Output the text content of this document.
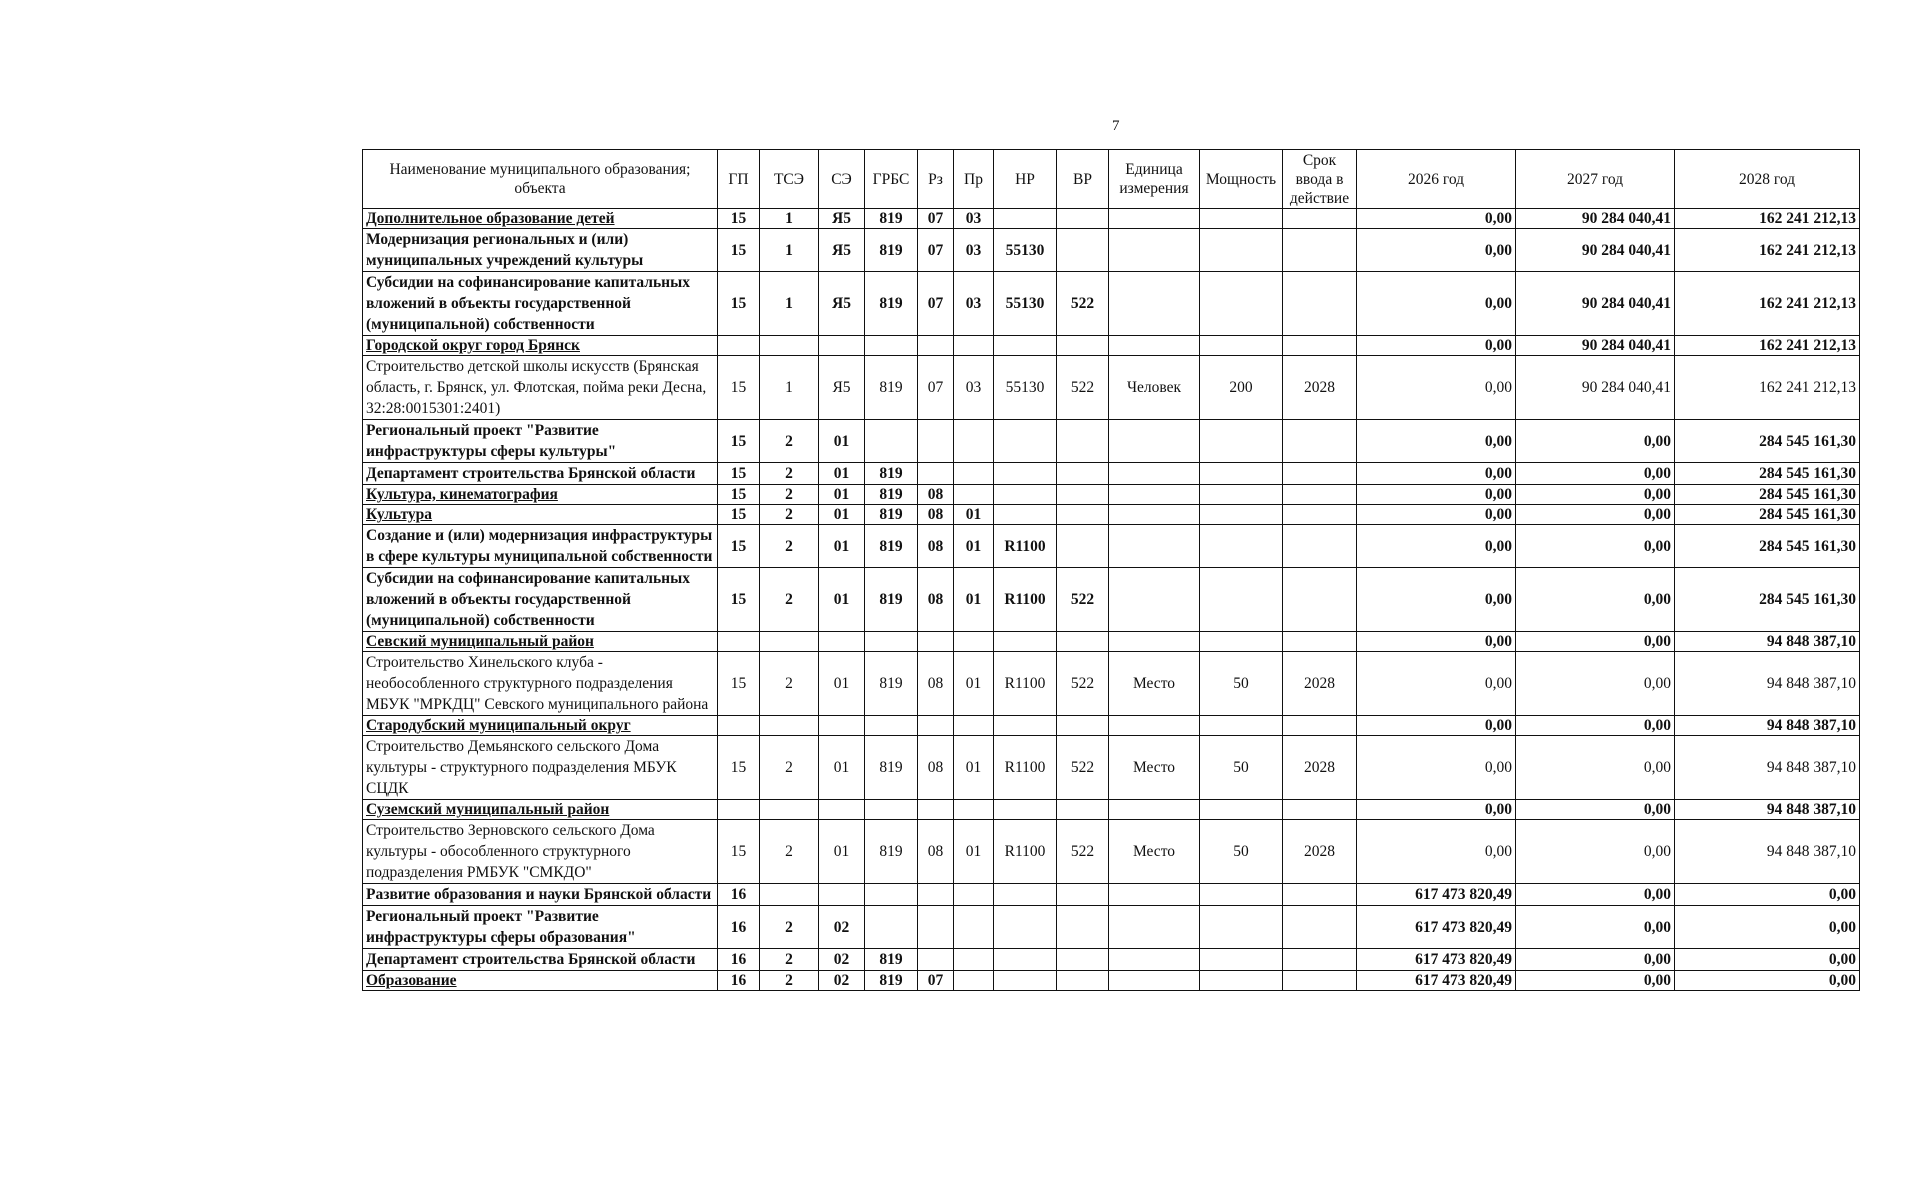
7
Наименование муниципального образования; объекта	ГП	ТСЭ	СЭ	ГРБС	Рз	Пр	НР	ВР	Единица измерения	Мощность	Срок ввода в действие	2026 год	2027 год	2028 год
Дополнительное образование детей	15	1	Я5	819	07	03						0,00	90 284 040,41	162 241 212,13
Модернизация региональных и (или) муниципальных учреждений культуры	15	1	Я5	819	07	03	55130					0,00	90 284 040,41	162 241 212,13
Субсидии на софинансирование капитальных вложений в объекты государственной (муниципальной) собственности	15	1	Я5	819	07	03	55130	522				0,00	90 284 040,41	162 241 212,13
Городской округ город Брянск												0,00	90 284 040,41	162 241 212,13
Строительство детской школы искусств (Брянская область, г. Брянск, ул. Флотская, пойма реки Десна, 32:28:0015301:2401)	15	1	Я5	819	07	03	55130	522	Человек	200	2028	0,00	90 284 040,41	162 241 212,13
Региональный проект "Развитие инфраструктуры сферы культуры"	15	2	01									0,00	0,00	284 545 161,30
Департамент строительства Брянской области	15	2	01	819								0,00	0,00	284 545 161,30
Культура, кинематография	15	2	01	819	08							0,00	0,00	284 545 161,30
Культура	15	2	01	819	08	01						0,00	0,00	284 545 161,30
Создание и (или) модернизация инфраструктуры в сфере культуры муниципальной собственности	15	2	01	819	08	01	R1100					0,00	0,00	284 545 161,30
Субсидии на софинансирование капитальных вложений в объекты государственной (муниципальной) собственности	15	2	01	819	08	01	R1100	522				0,00	0,00	284 545 161,30
Севский муниципальный район												0,00	0,00	94 848 387,10
Строительство Хинельского клуба - необособленного структурного подразделения МБУК "МРКДЦ" Севского муниципального района	15	2	01	819	08	01	R1100	522	Место	50	2028	0,00	0,00	94 848 387,10
Стародубский муниципальный округ												0,00	0,00	94 848 387,10
Строительство Демьянского сельского Дома культуры - структурного подразделения МБУК СЦДК	15	2	01	819	08	01	R1100	522	Место	50	2028	0,00	0,00	94 848 387,10
Суземский муниципальный район												0,00	0,00	94 848 387,10
Строительство Зерновского сельского Дома культуры - обособленного структурного подразделения РМБУК "СМКДО"	15	2	01	819	08	01	R1100	522	Место	50	2028	0,00	0,00	94 848 387,10
Развитие образования и науки Брянской области	16											617 473 820,49	0,00	0,00
Региональный проект "Развитие инфраструктуры сферы образования"	16	2	02									617 473 820,49	0,00	0,00
Департамент строительства Брянской области	16	2	02	819								617 473 820,49	0,00	0,00
Образование	16	2	02	819	07							617 473 820,49	0,00	0,00
